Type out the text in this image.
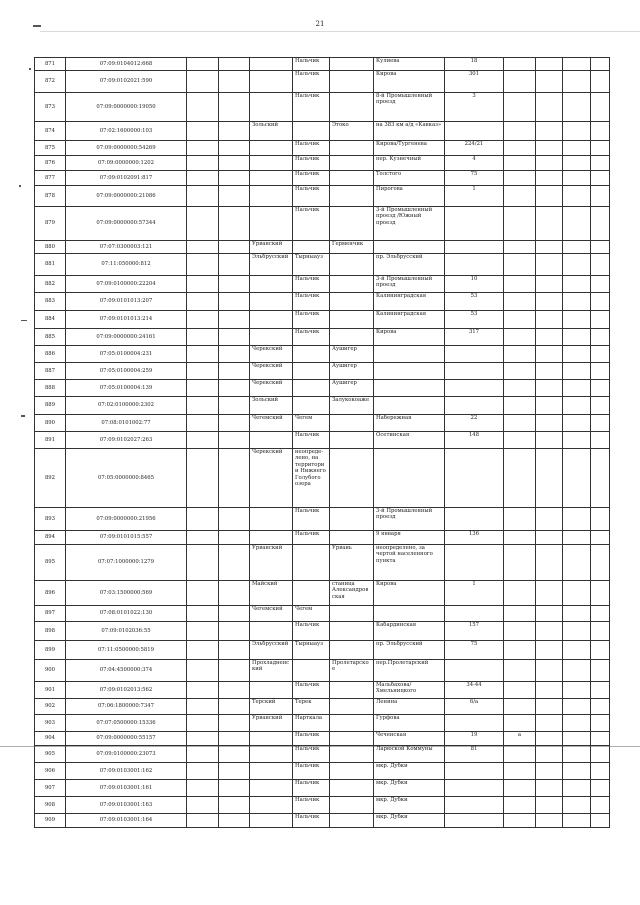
21
871	07:09:0104012:668				Нальчик		Кулиева	18				
872	07:09:0102021:590				Нальчик		Кирова	301				
873	07:09:0000000:19050				Нальчик		8-й Промышленный проезд	3				
874	07:02:1600000:103			Зольский		Этоко	на 383 км а/д «Кавказ»					
875	07:09:0000000:54269				Нальчик		Кирова/Тургенева	224/21				
876	07:09:0000000:1202				Нальчик		пер. Кузнечный	4				
877	07:09:0102091:817				Нальчик		Толстого	75				
878	07:09:0000000:21086				Нальчик		Пирогова	1				
879	07:09:0000000:57344				Нальчик		3-й Промышленный проезд /Южный проезд					
880	07:07:0300003:121			Урванский		Герменчик						
881	07:11:050000:812			Эльбрусский	Тырныауз		пр. Эльбрусский					
882	07:09:0100000:22204				Нальчик		3-й Промышленный проезд	10				
883	07:09:0101013:207				Нальчик		Калининградская	53				
884	07:09:0101013:214				Нальчик		Калининградская	53				
885	07:09:0000000:24161				Нальчик		Кирова	317				
886	07:05:0100004:231			Черекский		Аушигер						
887	07:05:0100004:259			Черекский		Аушигер						
888	07:05:0100004:139			Черекский		Аушигер						
889	07:02:0100000:2302			Зольский		Залукокоаже						
890	07:08:0101002:77			Чегемский	Чегем		Набережная	22				
891	07:09:0102027:263				Нальчик		Осетинская	148				
892	07:05:0000000:8465			Черекский	неопреде-лено, на территории Нижнего Голубого озера							
893	07:09:0000000:21956				Нальчик		3-й Промышленный проезд					
894	07:09:0101015:557				Нальчик		9 января	136				
895	07:07:1000000:1279			Урванский		Урвань	неопределено, за чертой населенного пункта					
896	07:03:1500000:569			Майский		станица Александровская	Кирова	1				
897	07:08:0101022:130			Чегемский	Чегем							
898	07:09:0102036:55				Нальчик		Кабардинская	157				
899	07:11:0500000:5819			Эльбрусский	Тырныауз		пр. Эльбрусский	75				
900	07:04:4500000:374			Прохладненский		Пролетарское	пер.Пролетарский					
901	07:09:0102013:562				Нальчик		Мальбахова/ Хмельницкого	34-44				
902	07:06:1800000:7347			Терский	Терек		Ленина	6/а				
903	07:07:0500000:15336			Урванский	Нарткала		Гурфова					
904	07:09:0000000:55157				Нальчик		Чеченская	19	а			
905	07:09:0100000:23073				Нальчик		Ларюской Коммуны	81				
906	07:09:0103001:162				Нальчик		мкр. Дубки					
907	07:09:0103001:161				Нальчик		мкр. Дубки					
908	07:09:0103001:163				Нальчик		мкр. Дубки					
909	07:09:0103001:164				Нальчик		мкр. Дубки					
